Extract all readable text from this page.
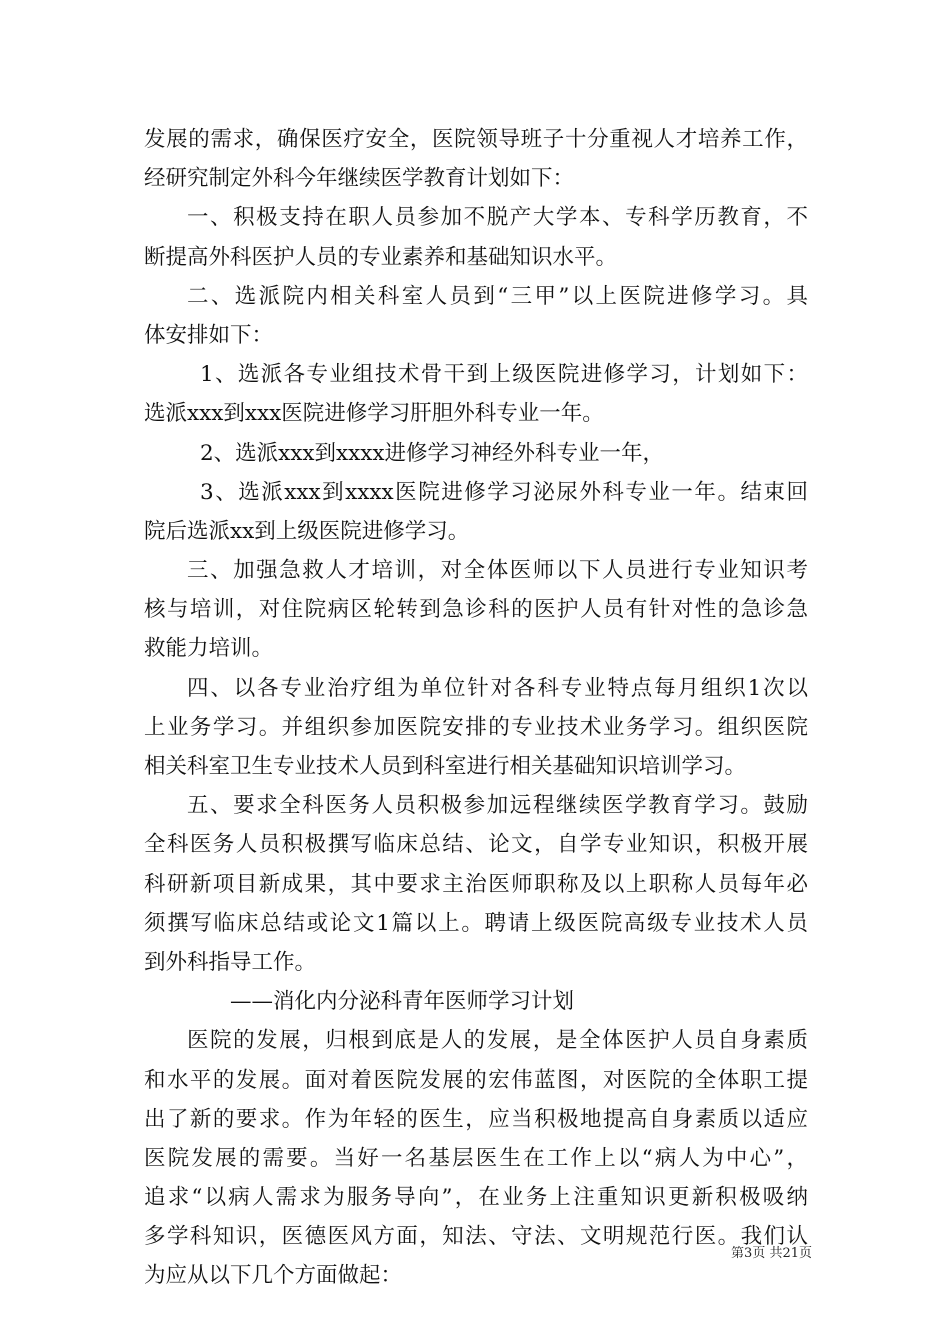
发展的需求，确保医疗安全，医院领导班子十分重视人才培养工作，
经研究制定外科今年继续医学教育计划如下：
一、积极支持在职人员参加不脱产大学本、专科学历教育，不
断提高外科医护人员的专业素养和基础知识水平。
二、选派院内相关科室人员到“三甲”以上医院进修学习。具
体安排如下：
1、选派各专业组技术骨干到上级医院进修学习，计划如下：
选派xxx到xxx医院进修学习肝胆外科专业一年。
2、选派xxx到xxxx进修学习神经外科专业一年，
3、选派xxx到xxxx医院进修学习泌尿外科专业一年。结束回
院后选派xx到上级医院进修学习。
三、加强急救人才培训，对全体医师以下人员进行专业知识考
核与培训，对住院病区轮转到急诊科的医护人员有针对性的急诊急
救能力培训。
四、以各专业治疗组为单位针对各科专业特点每月组织1次以
上业务学习。并组织参加医院安排的专业技术业务学习。组织医院
相关科室卫生专业技术人员到科室进行相关基础知识培训学习。
五、要求全科医务人员积极参加远程继续医学教育学习。鼓励
全科医务人员积极撰写临床总结、论文，自学专业知识，积极开展
科研新项目新成果，其中要求主治医师职称及以上职称人员每年必
须撰写临床总结或论文1篇以上。聘请上级医院高级专业技术人员
到外科指导工作。
——消化内分泌科青年医师学习计划
医院的发展，归根到底是人的发展，是全体医护人员自身素质
和水平的发展。面对着医院发展的宏伟蓝图，对医院的全体职工提
出了新的要求。作为年轻的医生，应当积极地提高自身素质以适应
医院发展的需要。当好一名基层医生在工作上以“病人为中心”，
追求“以病人需求为服务导向”，在业务上注重知识更新积极吸纳
多学科知识，医德医风方面，知法、守法、文明规范行医。我们认
为应从以下几个方面做起：
第3页 共21页
